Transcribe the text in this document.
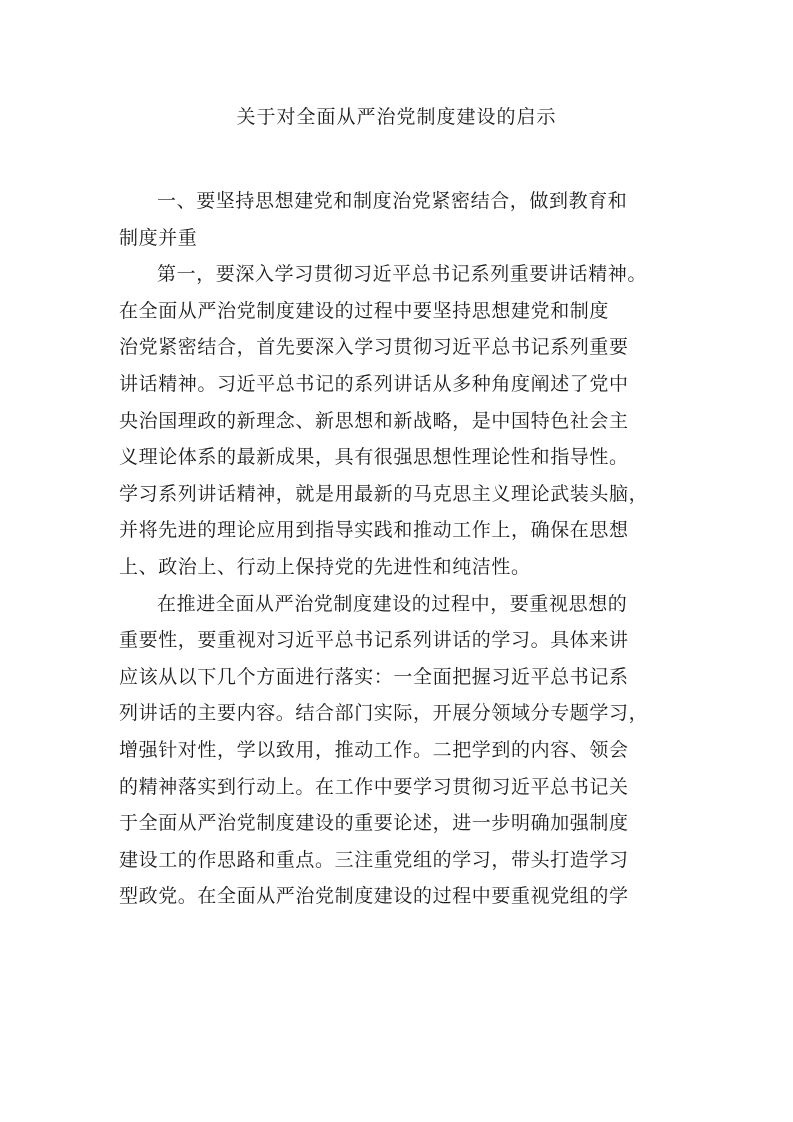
关于对全面从严治党制度建设的启示
一、要坚持思想建党和制度治党紧密结合，做到教育和
制度并重
第一，要深入学习贯彻习近平总书记系列重要讲话精神。
在全面从严治党制度建设的过程中要坚持思想建党和制度
治党紧密结合，首先要深入学习贯彻习近平总书记系列重要
讲话精神。习近平总书记的系列讲话从多种角度阐述了党中
央治国理政的新理念、新思想和新战略，是中国特色社会主
义理论体系的最新成果，具有很强思想性理论性和指导性。
学习系列讲话精神，就是用最新的马克思主义理论武装头脑，
并将先进的理论应用到指导实践和推动工作上，确保在思想
上、政治上、行动上保持党的先进性和纯洁性。
在推进全面从严治党制度建设的过程中，要重视思想的
重要性，要重视对习近平总书记系列讲话的学习。具体来讲
应该从以下几个方面进行落实：一全面把握习近平总书记系
列讲话的主要内容。结合部门实际，开展分领域分专题学习，
增强针对性，学以致用，推动工作。二把学到的内容、领会
的精神落实到行动上。在工作中要学习贯彻习近平总书记关
于全面从严治党制度建设的重要论述，进一步明确加强制度
建设工的作思路和重点。三注重党组的学习，带头打造学习
型政党。在全面从严治党制度建设的过程中要重视党组的学
